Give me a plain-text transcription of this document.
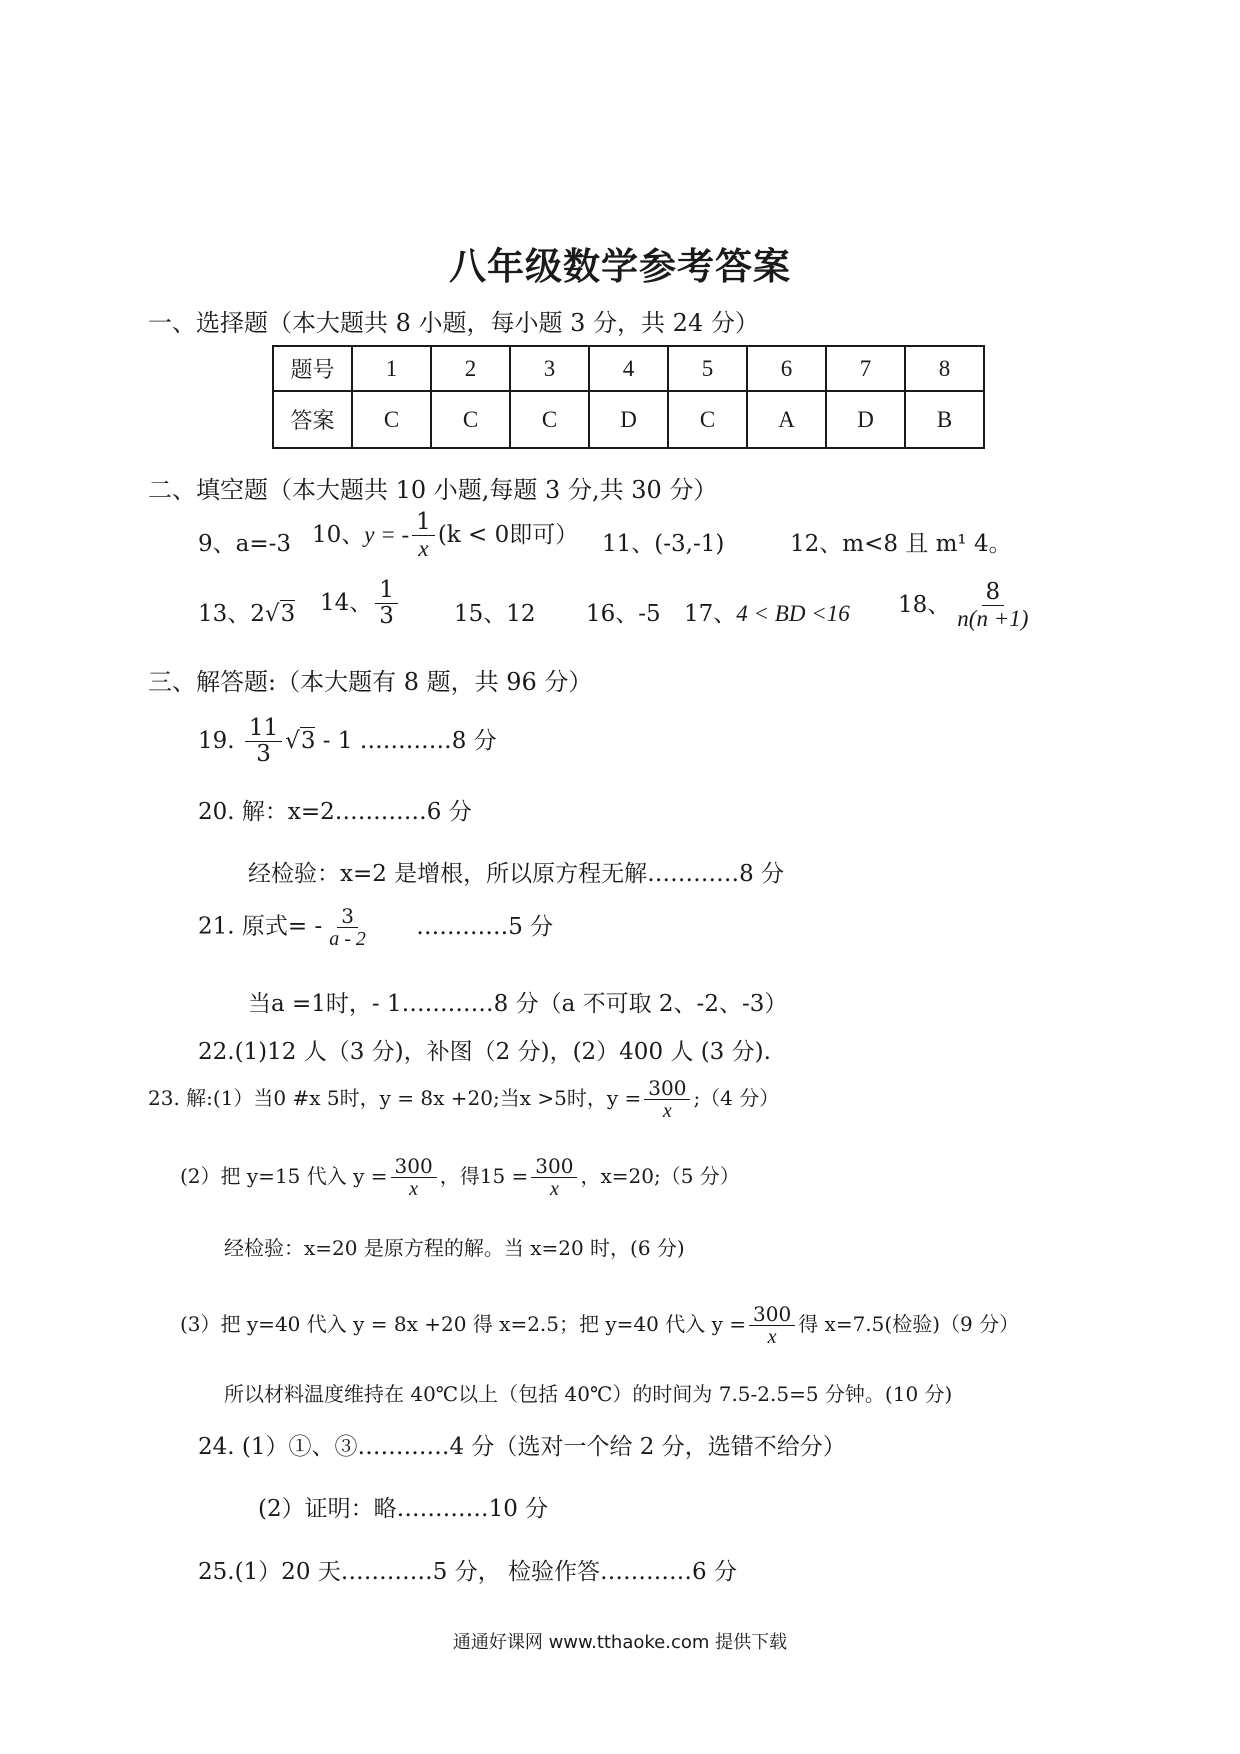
八年级数学参考答案
一、选择题（本大题共 8 小题，每小题 3 分，共 24 分）
题号	1	2	3	4	5	6	7	8
答案	C	C	C	D	C	A	D	B
二、填空题（本大题共 10 小题,每题 3 分,共 30 分）
9、a=-3 10、y = - $\frac{1}{x} (k < 0$即可） 11、(-3,-1)	12、m<8 且 m¹ 4。
13、2√3 14、 $\frac{1}{3} 15$、12 16、-5 17、4 < BD <16 18、 $\frac{8}{n(n +1)}$
三、解答题:（本大题有 8 题，共 96 分）
19. $\frac{11}{3} √3 - 1$ …………8 分
20. 解：x=2…………6 分
经检验：x=2 是增根，所以原方程无解…………8 分
21. 原式= - $\frac{3}{a - 2}$ …………5 分
当a =1时，- 1…………8 分（a 不可取 2、-2、-3）
22.(1)12 人（3 分)，补图（2 分)，(2）400 人 (3 分).
23. 解:(1）当0 #x 5时，y = 8x +20;当x >5时，$y = \frac{300}{x}$ ;（4 分）
(2）把 y=15 代入 $y = \frac{300}{x}$ ，得$15 = \frac{300}{x}$ ，x=20;（5 分）
经检验：x=20 是原方程的解。当 x=20 时，(6 分)
(3）把 y=40 代入 y = 8x +20 得 x=2.5；把 y=40 代入 $y = \frac{300}{x}$ 得 x=7.5(检验)（9 分）
所以材料温度维持在 40℃以上（包括 40℃）的时间为 7.5-2.5=5 分钟。(10 分)
24. (1）①、③…………4 分（选对一个给 2 分，选错不给分）
(2）证明：略…………10 分
25.(1）20 天…………5 分， 检验作答…………6 分
通通好课网 www.tthaoke.com 提供下载
